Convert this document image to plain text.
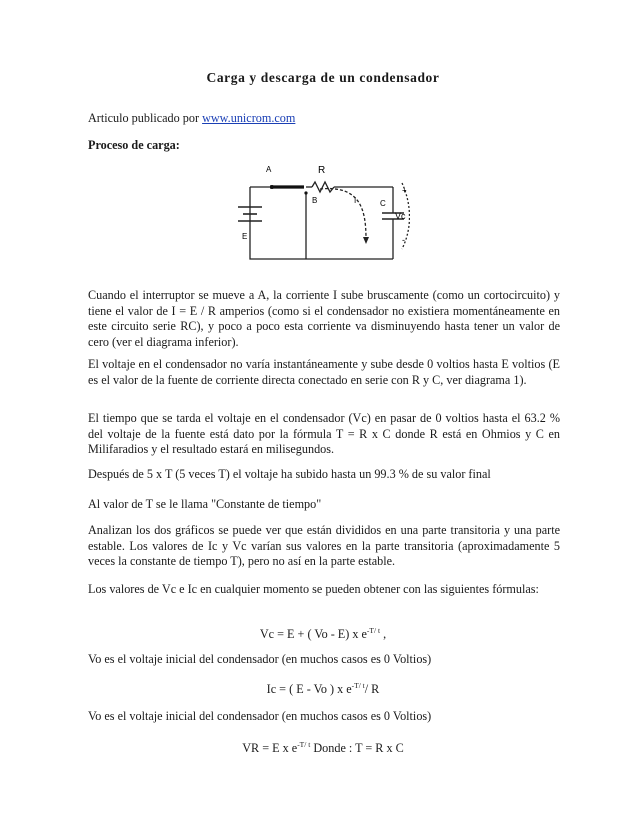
Carga y descarga de un condensador
Articulo publicado por www.unicrom.com
Proceso de carga:
A
B
R
I	C
Vc
E
+
-
Cuando el interruptor se mueve a A, la corriente I sube bruscamente (como un cortocircuito) y tiene el valor de I = E / R amperios (como si el condensador no existiera momentáneamente en este circuito serie RC), y poco a poco esta corriente va disminuyendo hasta tener un valor de cero (ver el diagrama inferior).
El voltaje en el condensador no varía instantáneamente y sube desde 0 voltios hasta E voltios (E es el valor de la fuente de corriente directa conectado en serie con R y C, ver diagrama 1).
El tiempo que se tarda el voltaje en el condensador (Vc) en pasar de 0 voltios hasta el 63.2 % del voltaje de la fuente está dato por la fórmula T = R x C donde R está en Ohmios y C en Milifaradios y el resultado estará en milisegundos.
Después de 5 x T (5 veces T) el voltaje ha subido hasta un 99.3 % de su valor final
Al valor de T se le llama "Constante de tiempo"
Analizan los dos gráficos se puede ver que están divididos en una parte transitoria y una parte estable. Los valores de Ic y Vc varían sus valores en la parte transitoria (aproximadamente 5 veces la constante de tiempo T), pero no así en la parte estable.
Los valores de Vc e Ic en cualquier momento se pueden obtener con las siguientes fórmulas:
Vc = E + ( Vo - E) x $e^{-T/ t}$ ,
Vo es el voltaje inicial del condensador (en muchos casos es 0 Voltios)
Ic = ( E - Vo ) x $e^{-T/ t}/$ R
Vo es el voltaje inicial del condensador (en muchos casos es 0 Voltios)
VR = E x $e^{-T/ t}$ Donde : T = R x C
